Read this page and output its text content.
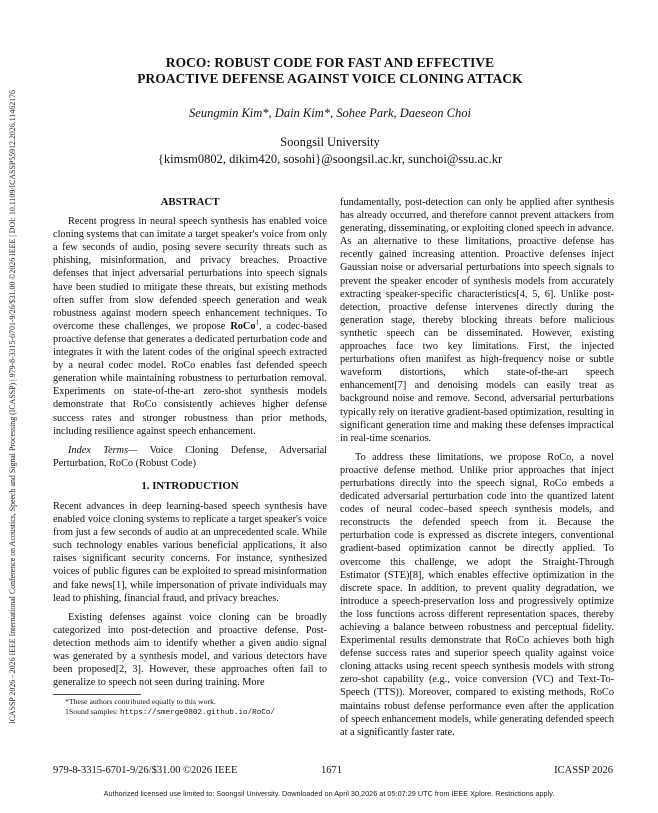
ICASSP 2026 - 2026 IEEE International Conference on Acoustics, Speech and Signal Processing (ICASSP) | 979-8-3315-6701-9/26/$31.00 ©2026 IEEE | DOI: 10.1109/ICASSP55912.2026.11462176
ROCO: ROBUST CODE FOR FAST AND EFFECTIVE
PROACTIVE DEFENSE AGAINST VOICE CLONING ATTACK
Seungmin Kim*, Dain Kim*, Sohee Park, Daeseon Choi
Soongsil University
{kimsm0802, dikim420, sosohi}@soongsil.ac.kr, sunchoi@ssu.ac.kr
ABSTRACT

Recent progress in neural speech synthesis has enabled voice cloning systems that can imitate a target speaker's voice from only a few seconds of audio, posing severe security threats such as phishing, misinformation, and privacy breaches. Proactive defenses that inject adversarial perturbations into speech signals have been studied to mitigate these threats, but existing methods often suffer from slow defended speech generation and weak robustness against modern speech enhancement techniques. To overcome these challenges, we propose RoCo$^1$, a codec-based proactive defense that generates a dedicated perturbation code and integrates it with the latent codes of the original speech extracted by a neural codec model. RoCo enables fast defended speech generation while maintaining robustness to perturbation removal. Experiments on state-of-the-art zero-shot synthesis models demonstrate that RoCo consistently achieves higher defense success rates and stronger robustness than prior methods, including resilience against speech enhancement.

Index Terms— Voice Cloning Defense, Adversarial Perturbation, RoCo (Robust Code)

1. INTRODUCTION

Recent advances in deep learning-based speech synthesis have enabled voice cloning systems to replicate a target speaker's voice from just a few seconds of audio at an unprecedented scale. While such technology enables various beneficial applications, it also raises significant security concerns. For instance, synthesized voices of public figures can be exploited to spread misinformation and fake news[1], while impersonation of private individuals may lead to phishing, financial fraud, and privacy breaches.

Existing defenses against voice cloning can be broadly categorized into post-detection and proactive defense. Post-detection methods aim to identify whether a given audio signal was generated by a synthesis model, and various detectors have been proposed[2, 3]. However, these approaches often fail to generalize to speech not seen during training. More

*These authors contributed equally to this work.
1Sound samples: https://smerge0802.github.io/RoCo/

fundamentally, post-detection can only be applied after synthesis has already occurred, and therefore cannot prevent attackers from generating, disseminating, or exploiting cloned speech in advance. As an alternative to these limitations, proactive defense has recently gained increasing attention. Proactive defenses inject Gaussian noise or adversarial perturbations into speech signals to prevent the speaker encoder of synthesis models from accurately extracting speaker-specific characteristics[4, 5, 6]. Unlike post-detection, proactive defense intervenes directly during the generation stage, thereby blocking threats before malicious synthetic speech can be disseminated. However, existing approaches face two key limitations. First, the injected perturbations often manifest as high-frequency noise or subtle waveform distortions, which state-of-the-art speech enhancement[7] and denoising models can easily treat as background noise and remove. Second, adversarial perturbations typically rely on iterative gradient-based optimization, resulting in significant generation time and making these defenses impractical in real-time scenarios.

To address these limitations, we propose RoCo, a novel proactive defense method. Unlike prior approaches that inject perturbations directly into the speech signal, RoCo embeds a dedicated adversarial perturbation code into the quantized latent codes of neural codec–based speech synthesis models, and reconstructs the defended speech from it. Because the perturbation code is expressed as discrete integers, conventional gradient-based optimization cannot be directly applied. To overcome this challenge, we adopt the Straight-Through Estimator (STE)[8], which enables effective optimization in the discrete space. In addition, to prevent quality degradation, we introduce a speech-preservation loss and progressively optimize the loss functions across different representation spaces, thereby achieving a balance between robustness and perceptual fidelity. Experimental results demonstrate that RoCo achieves both high defense success rates and superior speech quality against voice cloning attacks using recent speech synthesis models with strong zero-shot capability (e.g., voice conversion (VC) and Text-To-Speech (TTS)). Moreover, compared to existing methods, RoCo maintains robust defense performance even after the application of speech enhancement models, while generating defended speech at a significantly faster rate.

979-8-3315-6701-9/26/$31.00 ©2026 IEEE	1671	ICASSP 2026
Authorized licensed use limited to: Soongsil University. Downloaded on April 30,2026 at 05:07:29 UTC from IEEE Xplore. Restrictions apply.
